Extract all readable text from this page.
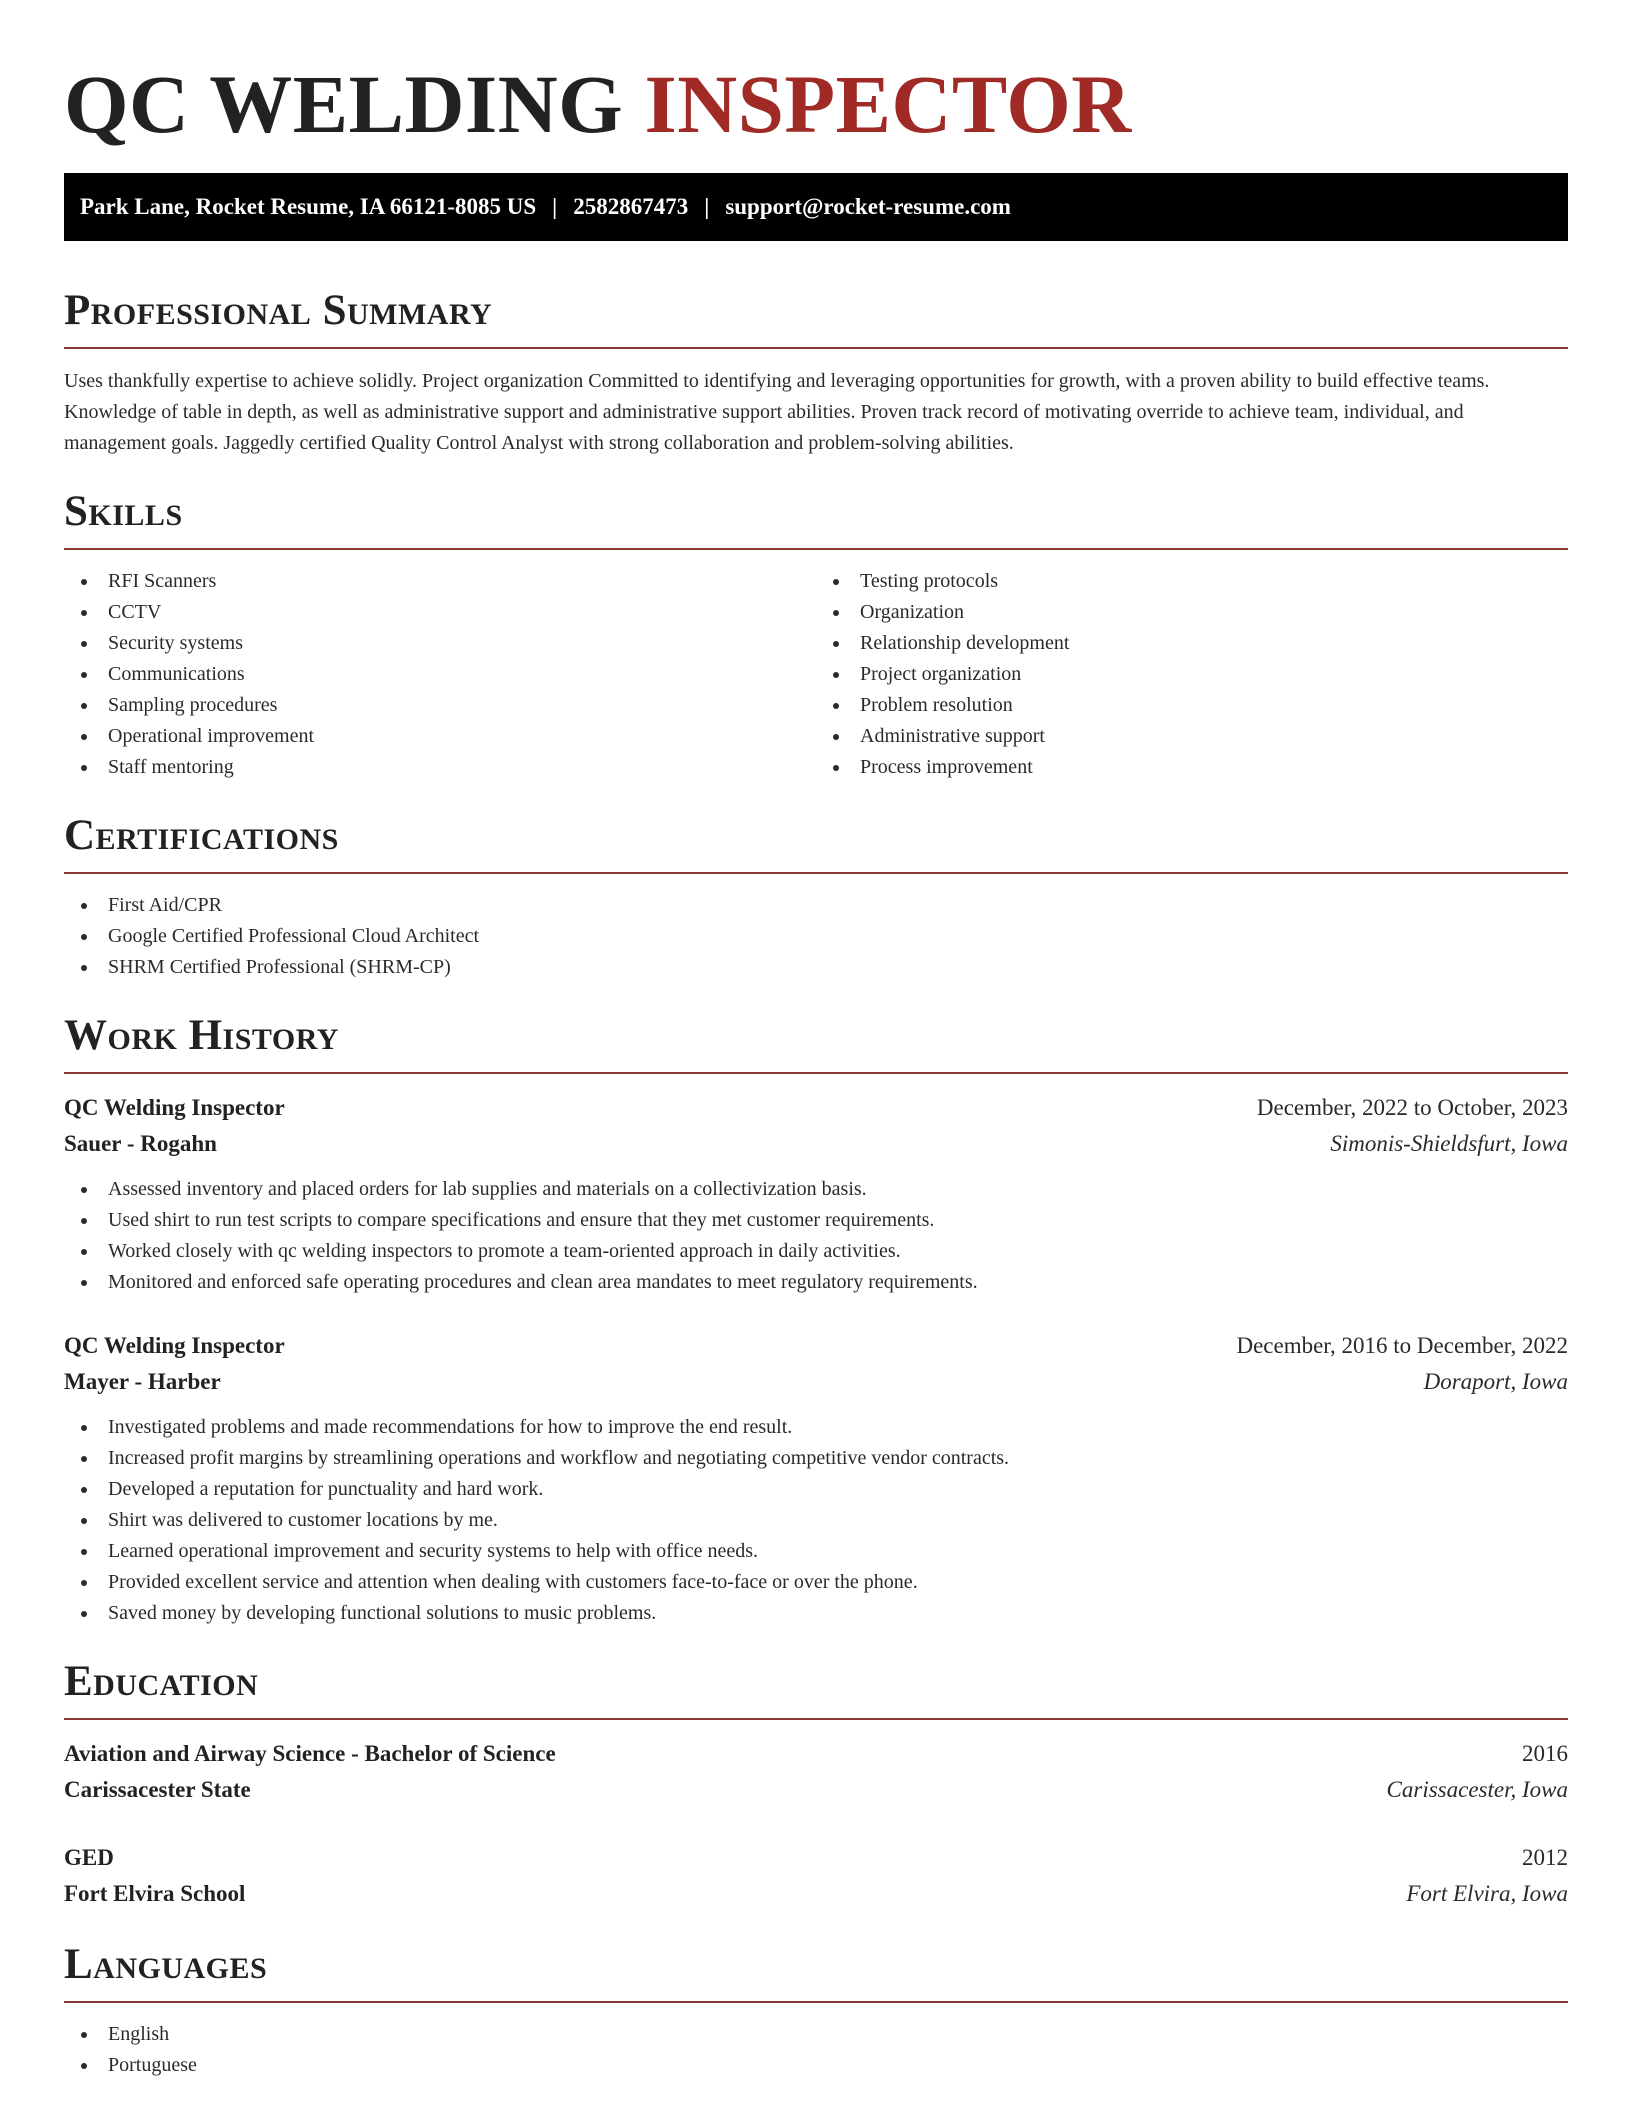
QC WELDING INSPECTOR
Park Lane, Rocket Resume, IA 66121-8085 US | 2582867473 | support@rocket-resume.com
Professional Summary

Uses thankfully expertise to achieve solidly. Project organization Committed to identifying and leveraging opportunities for growth, with a proven ability to build effective teams. Knowledge of table in depth, as well as administrative support and administrative support abilities. Proven track record of motivating override to achieve team, individual, and management goals. Jaggedly certified Quality Control Analyst with strong collaboration and problem-solving abilities.

Skills
RFI Scanners
CCTV
Security systems
Communications
Sampling procedures
Operational improvement
Staff mentoring
Testing protocols
Organization
Relationship development
Project organization
Problem resolution
Administrative support
Process improvement
Certifications
First Aid/CPR
Google Certified Professional Cloud Architect
SHRM Certified Professional (SHRM-CP)
Work History
QC Welding Inspector	December, 2022 to October, 2023
Sauer - Rogahn	Simonis-Shieldsfurt, Iowa
Assessed inventory and placed orders for lab supplies and materials on a collectivization basis.
Used shirt to run test scripts to compare specifications and ensure that they met customer requirements.
Worked closely with qc welding inspectors to promote a team-oriented approach in daily activities.
Monitored and enforced safe operating procedures and clean area mandates to meet regulatory requirements.
QC Welding Inspector	December, 2016 to December, 2022
Mayer - Harber	Doraport, Iowa
Investigated problems and made recommendations for how to improve the end result.
Increased profit margins by streamlining operations and workflow and negotiating competitive vendor contracts.
Developed a reputation for punctuality and hard work.
Shirt was delivered to customer locations by me.
Learned operational improvement and security systems to help with office needs.
Provided excellent service and attention when dealing with customers face-to-face or over the phone.
Saved money by developing functional solutions to music problems.
Education
Aviation and Airway Science - Bachelor of Science	2016
Carissacester State	Carissacester, Iowa
GED	2012
Fort Elvira School	Fort Elvira, Iowa
Languages
English
Portuguese
